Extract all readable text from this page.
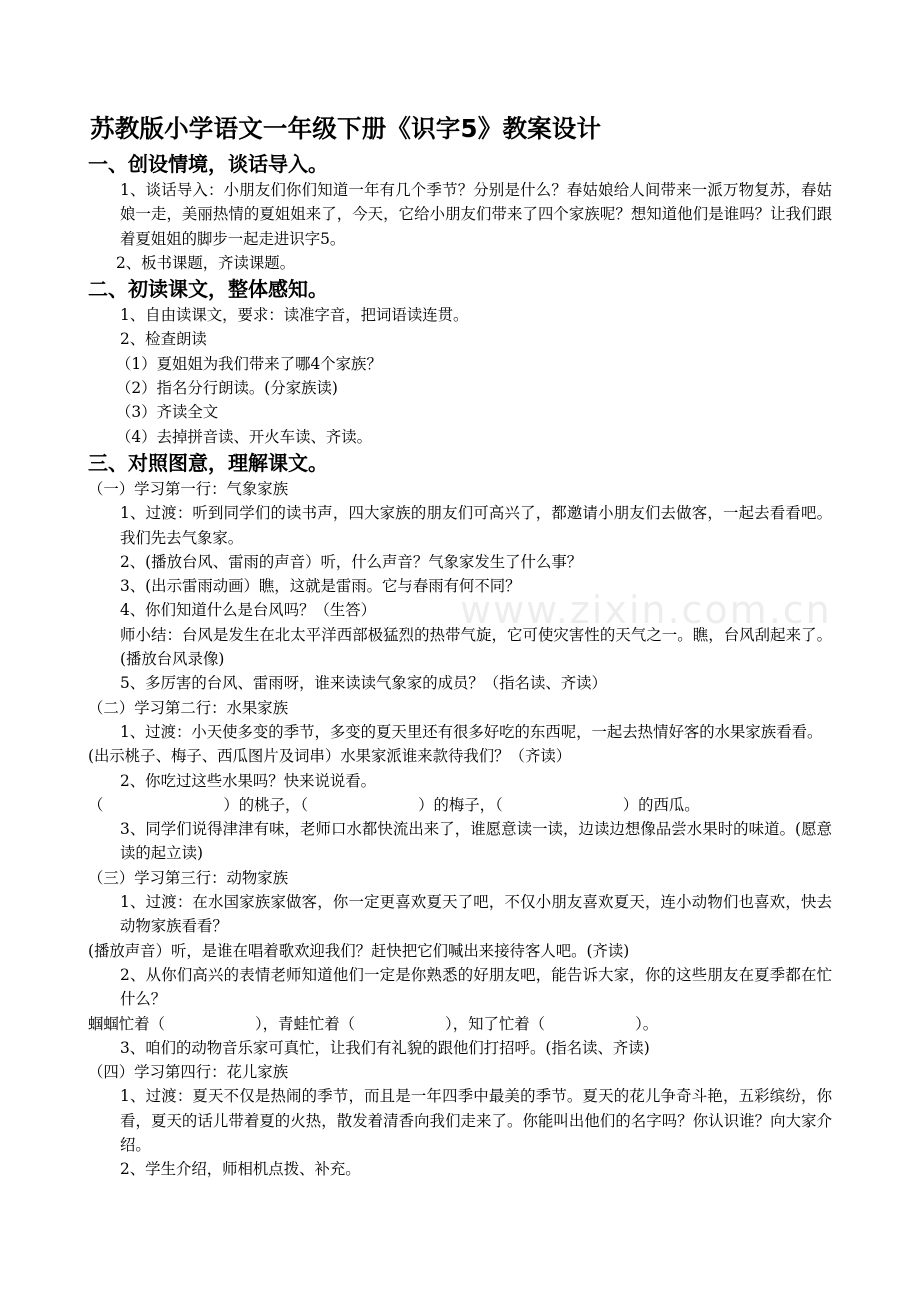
www.zixin.com.cn
苏教版小学语文一年级下册《识字5》教案设计
一、创设情境，谈话导入。

1、谈话导入：小朋友们你们知道一年有几个季节？分别是什么？春姑娘给人间带来一派万物复苏，春姑娘一走，美丽热情的夏姐姐来了，今天，它给小朋友们带来了四个家族呢？想知道他们是谁吗？让我们跟着夏姐姐的脚步一起走进识字5。

2、板书课题，齐读课题。

二、初读课文，整体感知。

1、自由读课文，要求：读准字音，把词语读连贯。

2、检查朗读

（1）夏姐姐为我们带来了哪4个家族？

（2）指名分行朗读。(分家族读)

（3）齐读全文

（4）去掉拼音读、开火车读、齐读。

三、对照图意，理解课文。

（一）学习第一行：气象家族

1、过渡：听到同学们的读书声，四大家族的朋友们可高兴了，都邀请小朋友们去做客，一起去看看吧。我们先去气象家。

2、(播放台风、雷雨的声音）听，什么声音？气象家发生了什么事？

3、(出示雷雨动画）瞧，这就是雷雨。它与春雨有何不同？

4、你们知道什么是台风吗？（生答）

师小结：台风是发生在北太平洋西部极猛烈的热带气旋，它可使灾害性的天气之一。瞧，台风刮起来了。(播放台风录像)

5、多厉害的台风、雷雨呀，谁来读读气象家的成员？（指名读、齐读）

（二）学习第二行：水果家族

1、过渡：小天使多变的季节，多变的夏天里还有很多好吃的东西呢，一起去热情好客的水果家族看看。

(出示桃子、梅子、西瓜图片及词串）水果家派谁来款待我们？（齐读）

2、你吃过这些水果吗？快来说说看。

（	）的桃子，（	）的梅子，（	）的西瓜。

3、同学们说得津津有味，老师口水都快流出来了，谁愿意读一读，边读边想像品尝水果时的味道。(愿意读的起立读)

（三）学习第三行：动物家族

1、过渡：在水国家族家做客，你一定更喜欢夏天了吧，不仅小朋友喜欢夏天，连小动物们也喜欢，快去动物家族看看？

(播放声音）听，是谁在唱着歌欢迎我们？赶快把它们喊出来接待客人吧。(齐读)

2、从你们高兴的表情老师知道他们一定是你熟悉的好朋友吧，能告诉大家，你的这些朋友在夏季都在忙什么？

蝈蝈忙着（	），青蛙忙着（	），知了忙着（	）。

3、咱们的动物音乐家可真忙，让我们有礼貌的跟他们打招呼。(指名读、齐读)

（四）学习第四行：花儿家族

1、过渡：夏天不仅是热闹的季节，而且是一年四季中最美的季节。夏天的花儿争奇斗艳，五彩缤纷，你看，夏天的话儿带着夏的火热，散发着清香向我们走来了。你能叫出他们的名字吗？你认识谁？向大家介绍。

2、学生介绍，师相机点拨、补充。
